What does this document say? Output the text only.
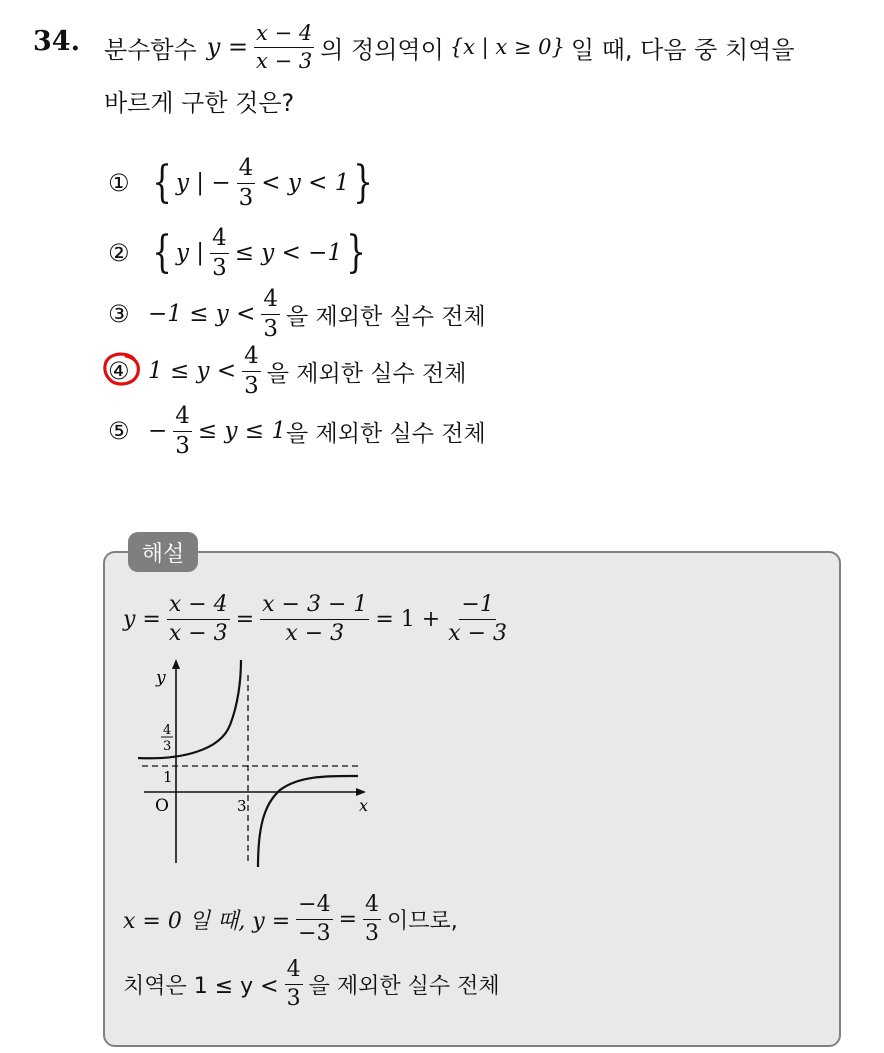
34. 분수함수 $y = \frac{x - 4}{x - 3}$ 의 정의역이 {x | x ≥ 0} 일 때, 다음 중 치역을
바르게 구한 것은?
① { y | − $\frac{4}{3} < y < 1$ }
② { y | $\frac{4}{3} \le y < -1$ }
③ $-1 \le y < \frac{4}{3}$ 을 제외한 실수 전체
④ $1 \le y < \frac{4}{3}$ 을 제외한 실수 전체
⑤ − $\frac{4}{3} \le y \le 1$ 을 제외한 실수 전체
해설
$y = \frac{x - 4}{x - 3} = \frac{x - 3 - 1}{x - 3} = 1 + \frac{-1}{x - 3}$
y
x
O	3
1
4
3
x = 0 일 때, $y = \frac{-4}{-3} = \frac{4}{3}$ 이므로,
치역은 $1 \le y < \frac{4}{3}$ 을 제외한 실수 전체
